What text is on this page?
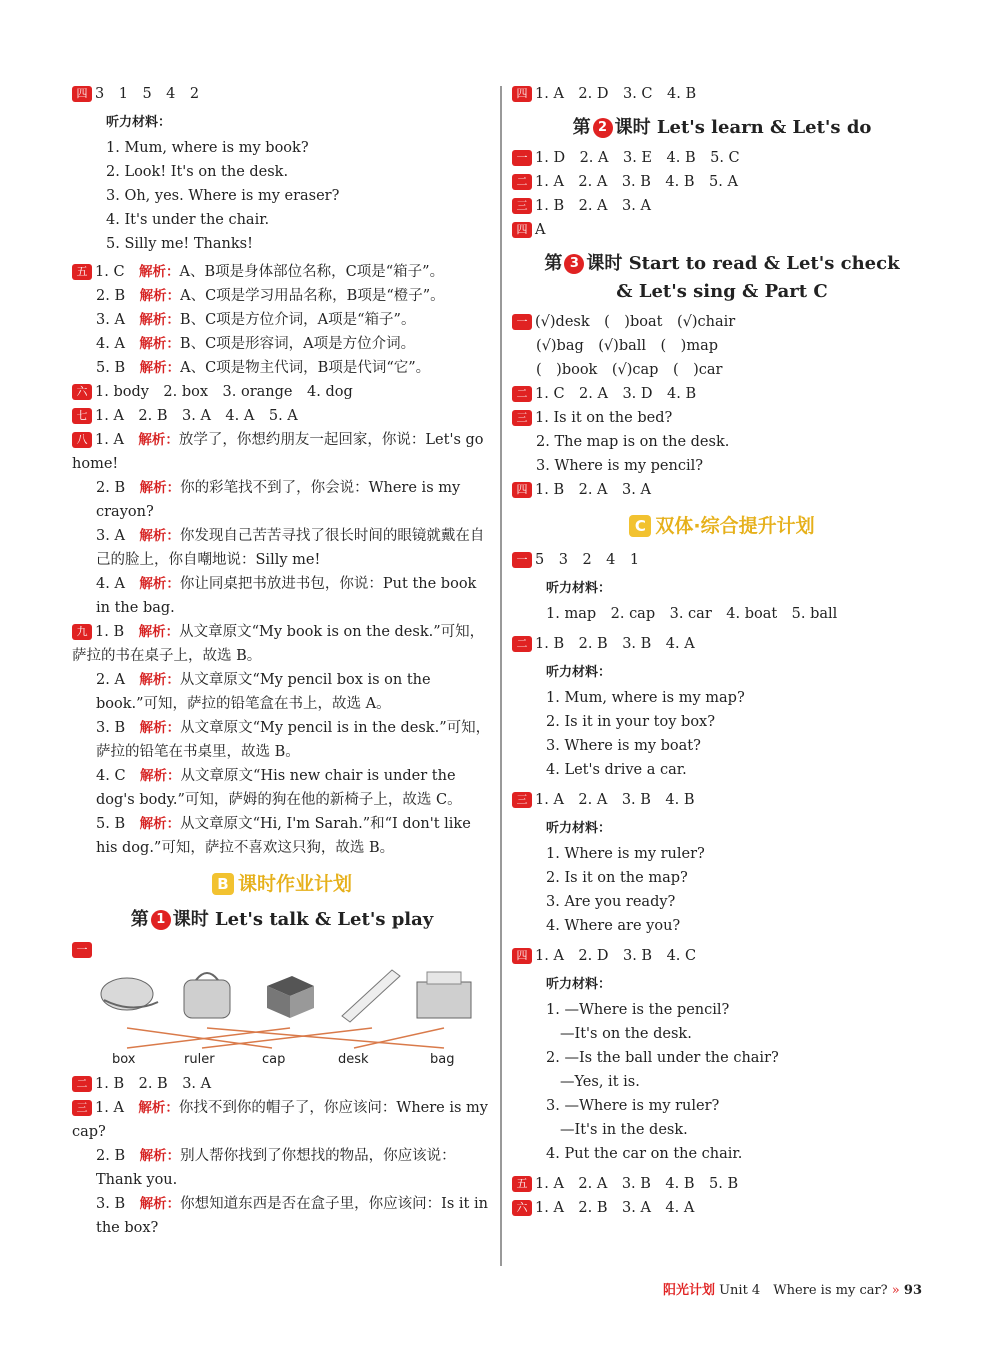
四 3　1　5　4　2
听力材料：
1. Mum, where is my book?
2. Look! It's on the desk.
3. Oh, yes. Where is my eraser?
4. It's under the chair.
5. Silly me! Thanks!
五 1. C　 解析：A、B项是身体部位名称，C项是“箱子”。
2. B　 解析：A、C项是学习用品名称，B项是“橙子”。
3. A　 解析：B、C项是方位介词，A项是“箱子”。
4. A　 解析：B、C项是形容词，A项是方位介词。
5. B　 解析：A、C项是物主代词，B项是代词“它”。
六 1. body　2. box　3. orange　4. dog
七 1. A　2. B　3. A　4. A　5. A
八 1. A　 解析：放学了，你想约朋友一起回家，你说：Let's go home!
2. B　 解析：你的彩笔找不到了，你会说：Where is my crayon?
3. A　 解析：你发现自己苦苦寻找了很长时间的眼镜就戴在自己的脸上，你自嘲地说：Silly me!
4. A　 解析：你让同桌把书放进书包，你说：Put the book in the bag.
九 1. B　 解析：从文章原文“My book is on the desk.”可知，萨拉的书在桌子上，故选 B。
2. A　 解析：从文章原文“My pencil box is on the book.”可知，萨拉的铅笔盒在书上，故选 A。
3. B　 解析：从文章原文“My pencil is in the desk.”可知，萨拉的铅笔在书桌里，故选 B。
4. C　 解析：从文章原文“His new chair is under the dog's body.”可知，萨姆的狗在他的新椅子上，故选 C。
5. B　 解析：从文章原文“Hi, I'm Sarah.”和“I don't like his dog.”可知，萨拉不喜欢这只狗，故选 B。
B 课时作业计划
第 1 课时 Let's talk & Let's play
一
box	ruler	cap	desk	bag
二 1. B　2. B　3. A
三 1. A　 解析：你找不到你的帽子了，你应该问：Where is my cap?
2. B　 解析：别人帮你找到了你想找的物品，你应该说：Thank you.
3. B　 解析：你想知道东西是否在盒子里，你应该问：Is it in the box?
四 1. A　2. D　3. C　4. B
第 2 课时 Let's learn & Let's do
一 1. D　2. A　3. E　4. B　5. C
二 1. A　2. A　3. B　4. B　5. A
三 1. B　2. A　3. A
四 A
第 3 课时 Start to read & Let's check
& Let's sing & Part C
一 (√)desk　(　)boat　(√)chair
(√)bag　(√)ball　(　)map
(　)book　(√)cap　(　)car
二 1. C　2. A　3. D　4. B
三 1. Is it on the bed?
2. The map is on the desk.
3. Where is my pencil?
四 1. B　2. A　3. A
C 双体·综合提升计划
一 5　3　2　4　1
听力材料：
1. map　2. cap　3. car　4. boat　5. ball
二 1. B　2. B　3. B　4. A
听力材料：
1. Mum, where is my map?
2. Is it in your toy box?
3. Where is my boat?
4. Let's drive a car.
三 1. A　2. A　3. B　4. B
听力材料：
1. Where is my ruler?
2. Is it on the map?
3. Are you ready?
4. Where are you?
四 1. A　2. D　3. B　4. C
听力材料：
1. —Where is the pencil?
—It's on the desk.
2. —Is the ball under the chair?
—Yes, it is.
3. —Where is my ruler?
—It's in the desk.
4. Put the car on the chair.
五 1. A　2. A　3. B　4. B　5. B
六 1. A　2. B　3. A　4. A
阳光计划 Unit 4　Where is my car? » 93
